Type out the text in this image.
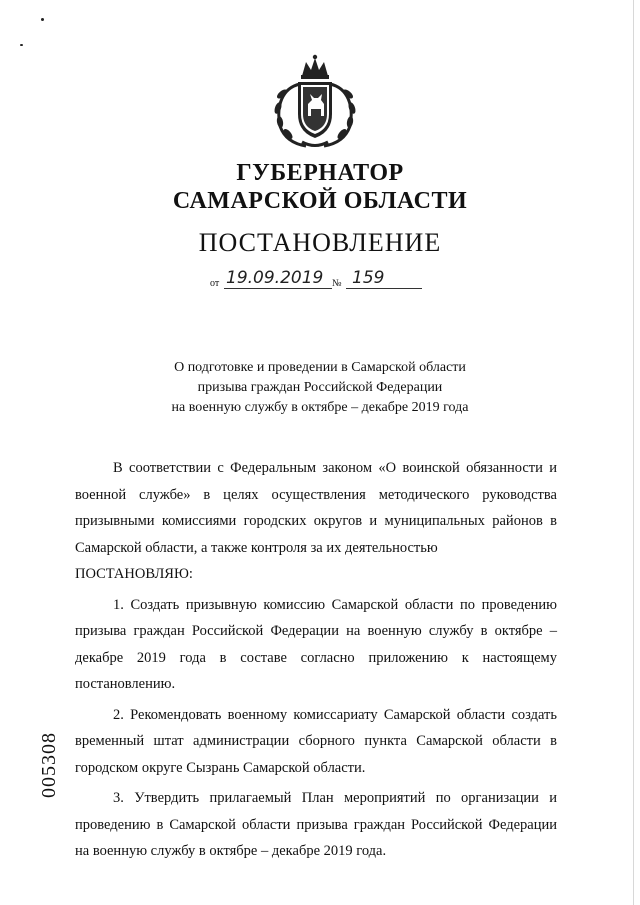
ГУБЕРНАТОР
САМАРСКОЙ ОБЛАСТИ
ПОСТАНОВЛЕНИЕ
от 19.09.2019 № 159
О подготовке и проведении в Самарской области
призыва граждан Российской Федерации
на военную службу в октябре – декабре 2019 года

В соответствии с Федеральным законом «О воинской обязанности и военной службе» в целях осуществления методического руководства призывными комиссиями городских округов и муниципальных районов в Самарской области, а также контроля за их деятельностью

ПОСТАНОВЛЯЮ:

1. Создать призывную комиссию Самарской области по проведению призыва граждан Российской Федерации на военную службу в октябре – декабре 2019 года в составе согласно приложению к настоящему постановлению.

2. Рекомендовать военному комиссариату Самарской области создать временный штат администрации сборного пункта Самарской области в городском округе Сызрань Самарской области.

3. Утвердить прилагаемый План мероприятий по организации и проведению в Самарской области призыва граждан Российской Федерации на военную службу в октябре – декабре 2019 года.

005308
